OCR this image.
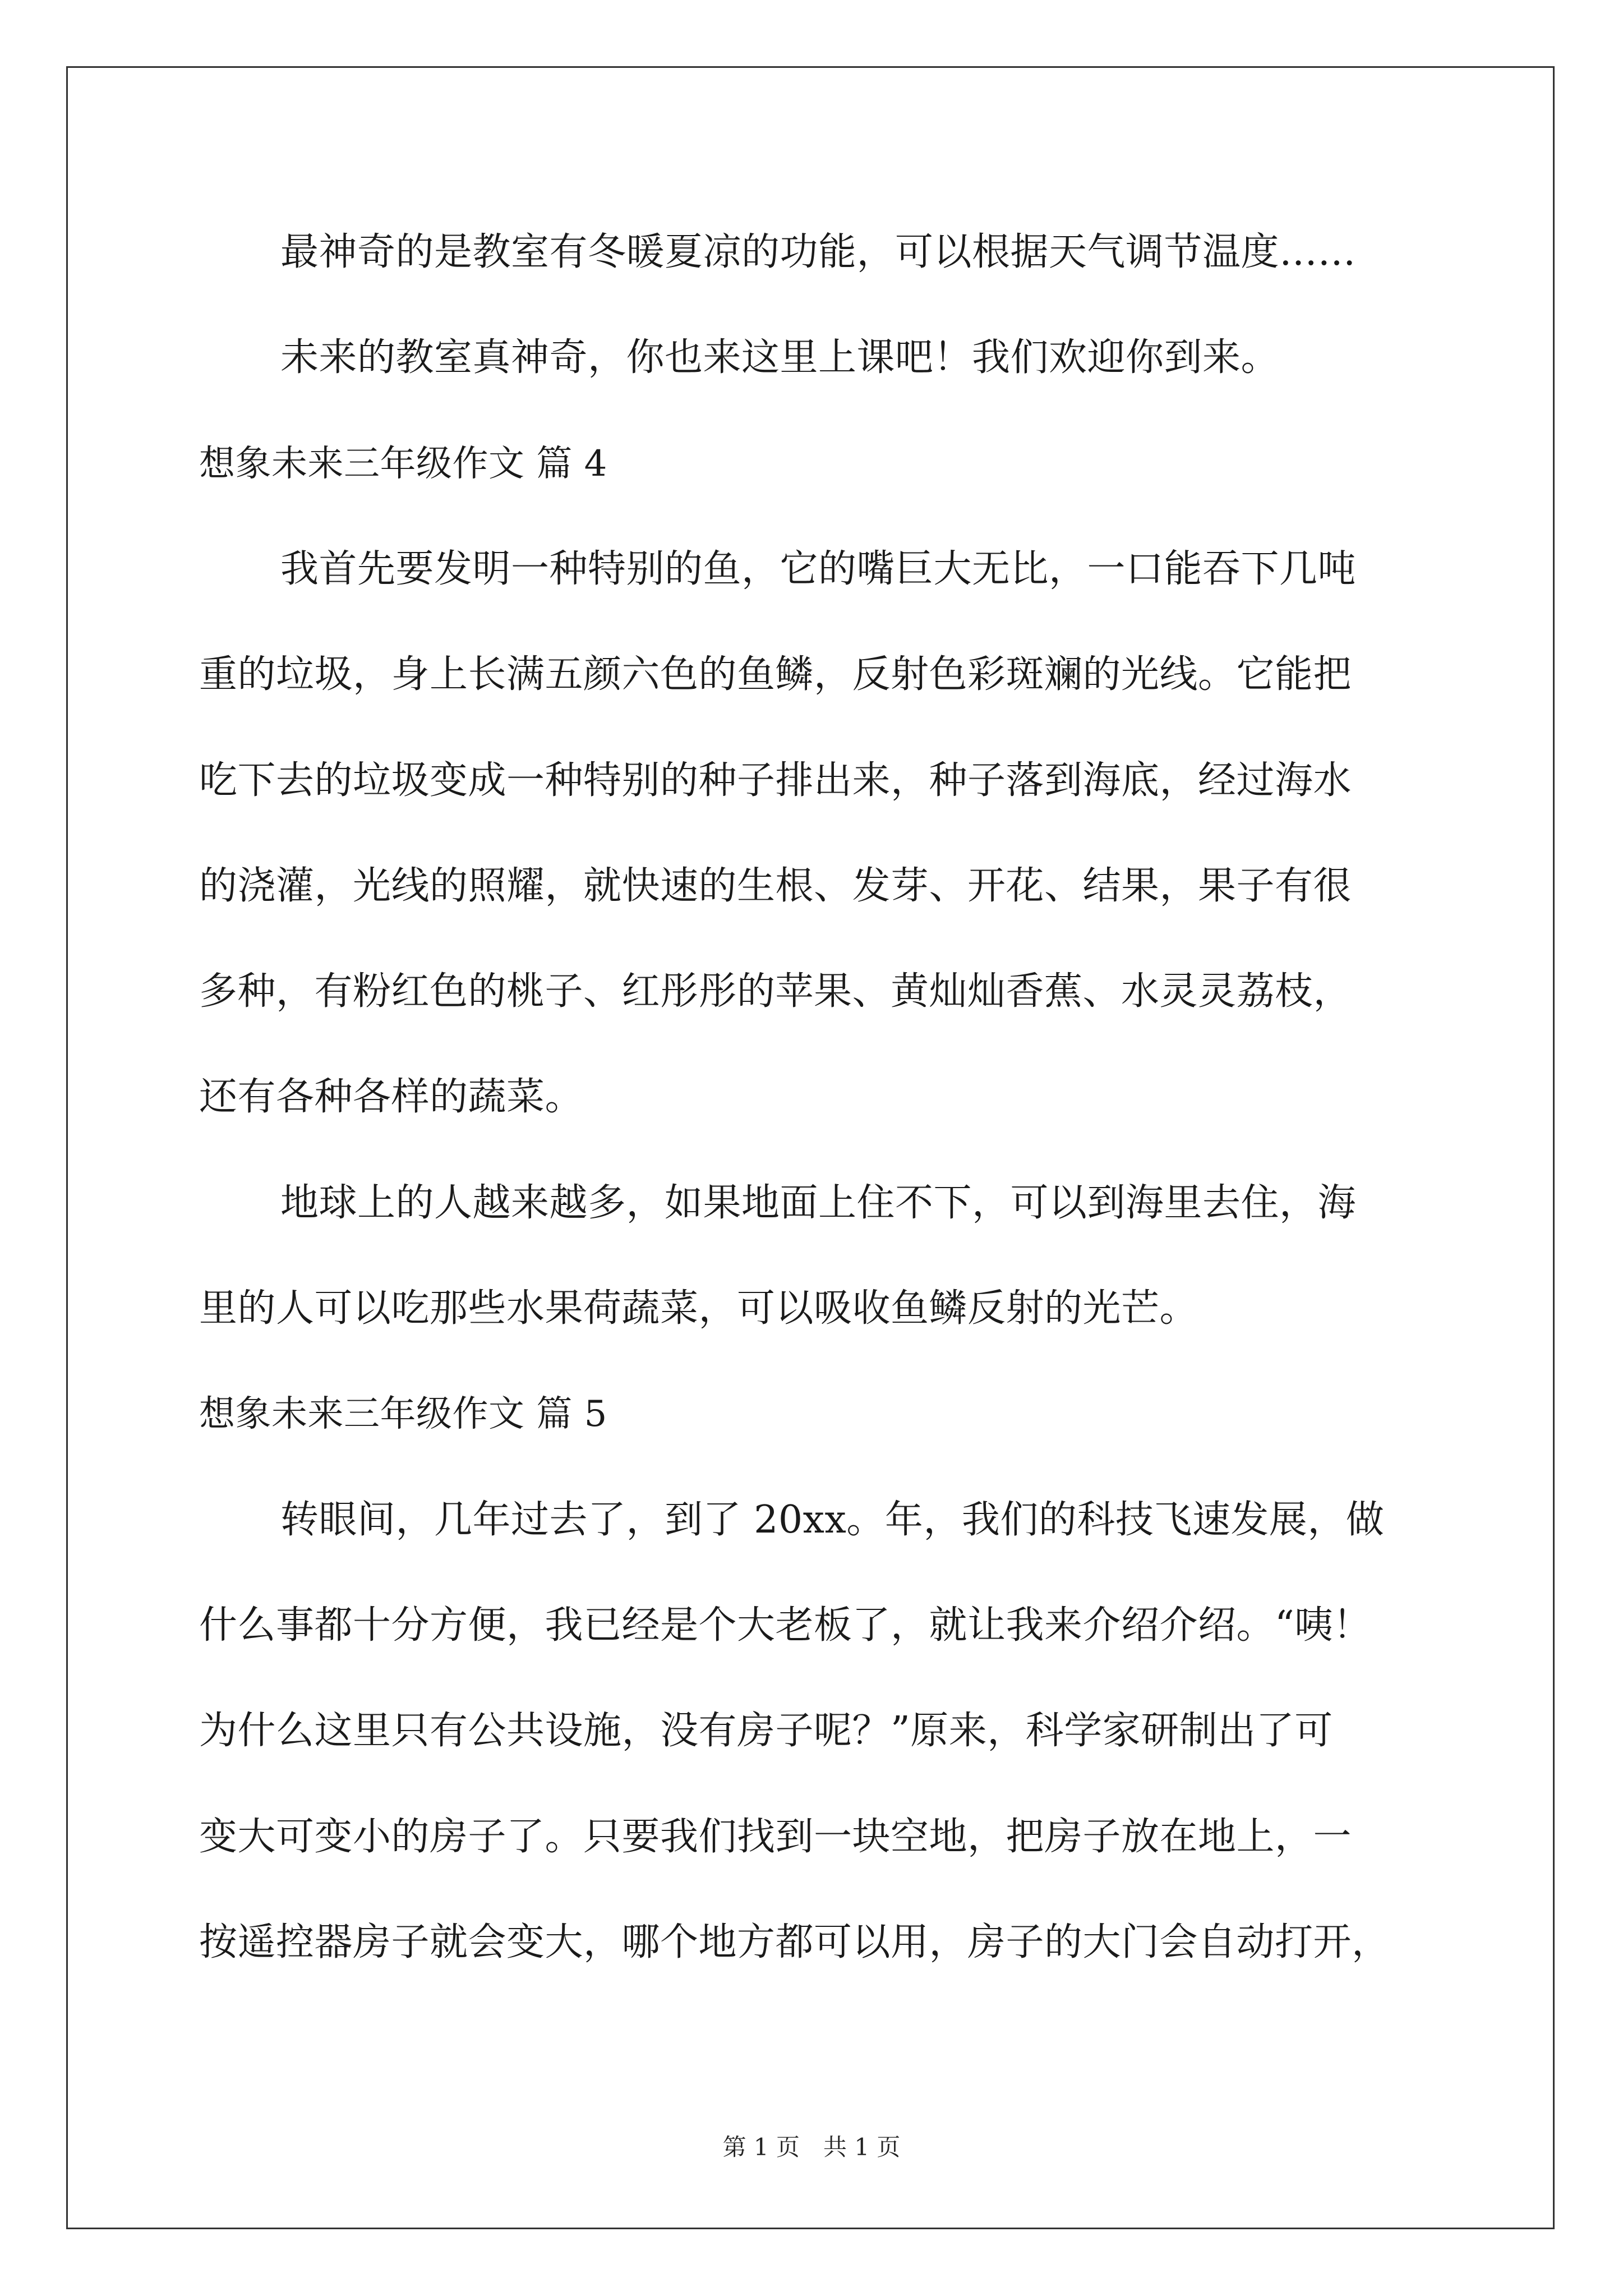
最神奇的是教室有冬暖夏凉的功能，可以根据天气调节温度……
未来的教室真神奇，你也来这里上课吧！我们欢迎你到来。
想象未来三年级作文 篇 4
我首先要发明一种特别的鱼，它的嘴巨大无比，一口能吞下几吨
重的垃圾，身上长满五颜六色的鱼鳞，反射色彩斑斓的光线。它能把
吃下去的垃圾变成一种特别的种子排出来，种子落到海底，经过海水
的浇灌，光线的照耀，就快速的生根、发芽、开花、结果，果子有很
多种，有粉红色的桃子、红彤彤的苹果、黄灿灿香蕉、水灵灵荔枝，
还有各种各样的蔬菜。
地球上的人越来越多，如果地面上住不下，可以到海里去住，海
里的人可以吃那些水果荷蔬菜，可以吸收鱼鳞反射的光芒。
想象未来三年级作文 篇 5
转眼间，几年过去了，到了 20xx。年，我们的科技飞速发展，做
什么事都十分方便，我已经是个大老板了，就让我来介绍介绍。“咦！
为什么这里只有公共设施，没有房子呢？”原来，科学家研制出了可
变大可变小的房子了。只要我们找到一块空地，把房子放在地上，一
按遥控器房子就会变大，哪个地方都可以用，房子的大门会自动打开，
第 1 页　共 1 页
